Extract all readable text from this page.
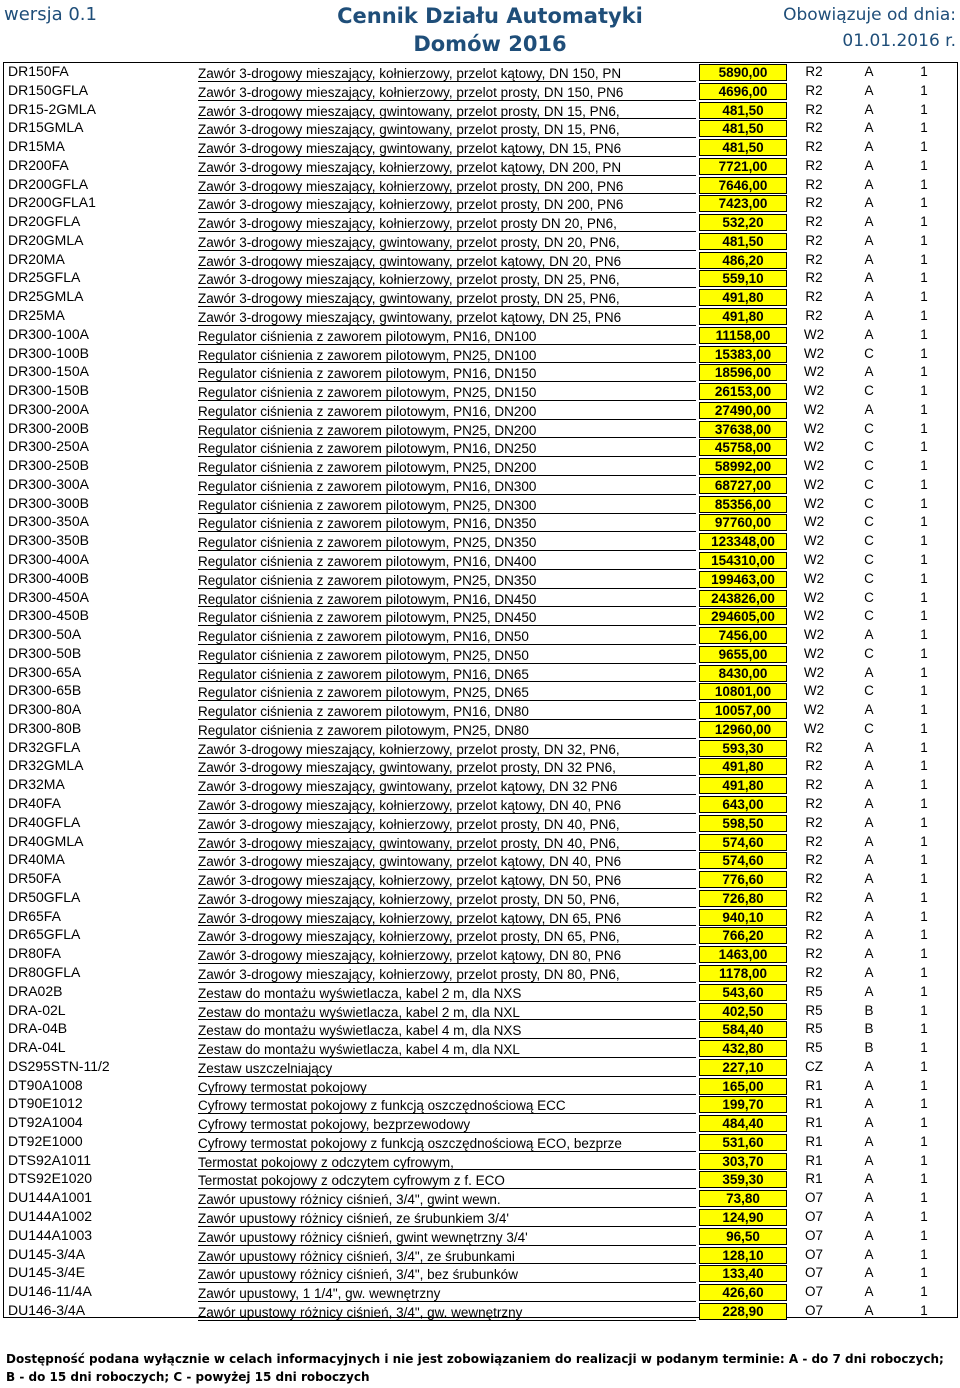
wersja 0.1	Cennik Działu Automatyki Domów 2016
Obowiązuje od dnia:
01.01.2016 r.
DR150FA	Zawór 3-drogowy mieszający, kołnierzowy, przelot kątowy, DN 150, PN	5890,00	R2	A	1
DR150GFLA	Zawór 3-drogowy mieszający, kołnierzowy, przelot prosty, DN 150, PN6	4696,00	R2	A	1
DR15-2GMLA	Zawór 3-drogowy mieszający, gwintowany, przelot prosty, DN 15, PN6,	481,50	R2	A	1
DR15GMLA	Zawór 3-drogowy mieszający, gwintowany, przelot prosty, DN 15, PN6,	481,50	R2	A	1
DR15MA	Zawór 3-drogowy mieszający, gwintowany, przelot kątowy, DN 15, PN6	481,50	R2	A	1
DR200FA	Zawór 3-drogowy mieszający, kołnierzowy, przelot kątowy, DN 200, PN	7721,00	R2	A	1
DR200GFLA	Zawór 3-drogowy mieszający, kołnierzowy, przelot prosty, DN 200, PN6	7646,00	R2	A	1
DR200GFLA1	Zawór 3-drogowy mieszający, kołnierzowy, przelot prosty, DN 200, PN6	7423,00	R2	A	1
DR20GFLA	Zawór 3-drogowy mieszający, kołnierzowy, przelot prosty DN 20, PN6,	532,20	R2	A	1
DR20GMLA	Zawór 3-drogowy mieszający, gwintowany, przelot prosty, DN 20, PN6,	481,50	R2	A	1
DR20MA	Zawór 3-drogowy mieszający, gwintowany, przelot kątowy, DN 20, PN6	486,20	R2	A	1
DR25GFLA	Zawór 3-drogowy mieszający, kołnierzowy, przelot prosty, DN 25, PN6,	559,10	R2	A	1
DR25GMLA	Zawór 3-drogowy mieszający, gwintowany, przelot prosty, DN 25, PN6,	491,80	R2	A	1
DR25MA	Zawór 3-drogowy mieszający, gwintowany, przelot kątowy, DN 25, PN6	491,80	R2	A	1
DR300-100A	Regulator ciśnienia z zaworem pilotowym, PN16, DN100	11158,00	W2	A	1
DR300-100B	Regulator ciśnienia z zaworem pilotowym, PN25, DN100	15383,00	W2	C	1
DR300-150A	Regulator ciśnienia z zaworem pilotowym, PN16, DN150	18596,00	W2	A	1
DR300-150B	Regulator ciśnienia z zaworem pilotowym, PN25, DN150	26153,00	W2	C	1
DR300-200A	Regulator ciśnienia z zaworem pilotowym, PN16, DN200	27490,00	W2	A	1
DR300-200B	Regulator ciśnienia z zaworem pilotowym, PN25, DN200	37638,00	W2	C	1
DR300-250A	Regulator ciśnienia z zaworem pilotowym, PN16, DN250	45758,00	W2	C	1
DR300-250B	Regulator ciśnienia z zaworem pilotowym, PN25, DN200	58992,00	W2	C	1
DR300-300A	Regulator ciśnienia z zaworem pilotowym, PN16, DN300	68727,00	W2	C	1
DR300-300B	Regulator ciśnienia z zaworem pilotowym, PN25, DN300	85356,00	W2	C	1
DR300-350A	Regulator ciśnienia z zaworem pilotowym, PN16, DN350	97760,00	W2	C	1
DR300-350B	Regulator ciśnienia z zaworem pilotowym, PN25, DN350	123348,00	W2	C	1
DR300-400A	Regulator ciśnienia z zaworem pilotowym, PN16, DN400	154310,00	W2	C	1
DR300-400B	Regulator ciśnienia z zaworem pilotowym, PN25, DN350	199463,00	W2	C	1
DR300-450A	Regulator ciśnienia z zaworem pilotowym, PN16, DN450	243826,00	W2	C	1
DR300-450B	Regulator ciśnienia z zaworem pilotowym, PN25, DN450	294605,00	W2	C	1
DR300-50A	Regulator ciśnienia z zaworem pilotowym, PN16, DN50	7456,00	W2	A	1
DR300-50B	Regulator ciśnienia z zaworem pilotowym, PN25, DN50	9655,00	W2	C	1
DR300-65A	Regulator ciśnienia z zaworem pilotowym, PN16, DN65	8430,00	W2	A	1
DR300-65B	Regulator ciśnienia z zaworem pilotowym, PN25, DN65	10801,00	W2	C	1
DR300-80A	Regulator ciśnienia z zaworem pilotowym, PN16, DN80	10057,00	W2	A	1
DR300-80B	Regulator ciśnienia z zaworem pilotowym, PN25, DN80	12960,00	W2	C	1
DR32GFLA	Zawór 3-drogowy mieszający, kołnierzowy, przelot prosty, DN 32, PN6,	593,30	R2	A	1
DR32GMLA	Zawór 3-drogowy mieszający, gwintowany, przelot prosty, DN 32 PN6,	491,80	R2	A	1
DR32MA	Zawór 3-drogowy mieszający, gwintowany, przelot kątowy, DN 32 PN6	491,80	R2	A	1
DR40FA	Zawór 3-drogowy mieszający, kołnierzowy, przelot kątowy, DN 40, PN6	643,00	R2	A	1
DR40GFLA	Zawór 3-drogowy mieszający, kołnierzowy, przelot prosty, DN 40, PN6,	598,50	R2	A	1
DR40GMLA	Zawór 3-drogowy mieszający, gwintowany, przelot prosty, DN 40, PN6,	574,60	R2	A	1
DR40MA	Zawór 3-drogowy mieszający, gwintowany, przelot kątowy, DN 40, PN6	574,60	R2	A	1
DR50FA	Zawór 3-drogowy mieszający, kołnierzowy, przelot kątowy, DN 50, PN6	776,60	R2	A	1
DR50GFLA	Zawór 3-drogowy mieszający, kołnierzowy, przelot prosty, DN 50, PN6,	726,80	R2	A	1
DR65FA	Zawór 3-drogowy mieszający, kołnierzowy, przelot kątowy, DN 65, PN6	940,10	R2	A	1
DR65GFLA	Zawór 3-drogowy mieszający, kołnierzowy, przelot prosty, DN 65, PN6,	766,20	R2	A	1
DR80FA	Zawór 3-drogowy mieszający, kołnierzowy, przelot kątowy, DN 80, PN6	1463,00	R2	A	1
DR80GFLA	Zawór 3-drogowy mieszający, kołnierzowy, przelot prosty, DN 80, PN6,	1178,00	R2	A	1
DRA02B	Zestaw do montażu wyświetlacza, kabel 2 m, dla NXS	543,60	R5	A	1
DRA-02L	Zestaw do montażu wyświetlacza, kabel 2 m, dla NXL	402,50	R5	B	1
DRA-04B	Zestaw do montażu wyświetlacza, kabel 4 m, dla NXS	584,40	R5	B	1
DRA-04L	Zestaw do montażu wyświetlacza, kabel 4 m, dla NXL	432,80	R5	B	1
DS295STN-11/2	Zestaw uszczelniający	227,10	CZ	A	1
DT90A1008	Cyfrowy termostat pokojowy	165,00	R1	A	1
DT90E1012	Cyfrowy termostat pokojowy z funkcją oszczędnościową ECC	199,70	R1	A	1
DT92A1004	Cyfrowy termostat pokojowy, bezprzewodowy	484,40	R1	A	1
DT92E1000	Cyfrowy termostat pokojowy z funkcją oszczędnościową ECO, bezprze	531,60	R1	A	1
DTS92A1011	Termostat pokojowy z odczytem cyfrowym,	303,70	R1	A	1
DTS92E1020	Termostat pokojowy z odczytem cyfrowym z f. ECO	359,30	R1	A	1
DU144A1001	Zawór upustowy różnicy ciśnień, 3/4", gwint wewn.	73,80	O7	A	1
DU144A1002	Zawór upustowy różnicy ciśnień, ze śrubunkiem 3/4'	124,90	O7	A	1
DU144A1003	Zawór upustowy różnicy ciśnień, gwint wewnętrzny 3/4'	96,50	O7	A	1
DU145-3/4A	Zawór upustowy różnicy ciśnień, 3/4", ze śrubunkami	128,10	O7	A	1
DU145-3/4E	Zawór upustowy różnicy ciśnień, 3/4", bez śrubunków	133,40	O7	A	1
DU146-11/4A	Zawór upustowy, 1 1/4", gw. wewnętrzny	426,60	O7	A	1
DU146-3/4A	Zawór upustowy różnicy ciśnień, 3/4", gw. wewnętrzny	228,90	O7	A	1
Dostępność podana wyłącznie w celach informacyjnych i nie jest zobowiązaniem do realizacji w podanym terminie: A - do 7 dni roboczych;
B - do 15 dni roboczych; C - powyżej 15 dni roboczych
